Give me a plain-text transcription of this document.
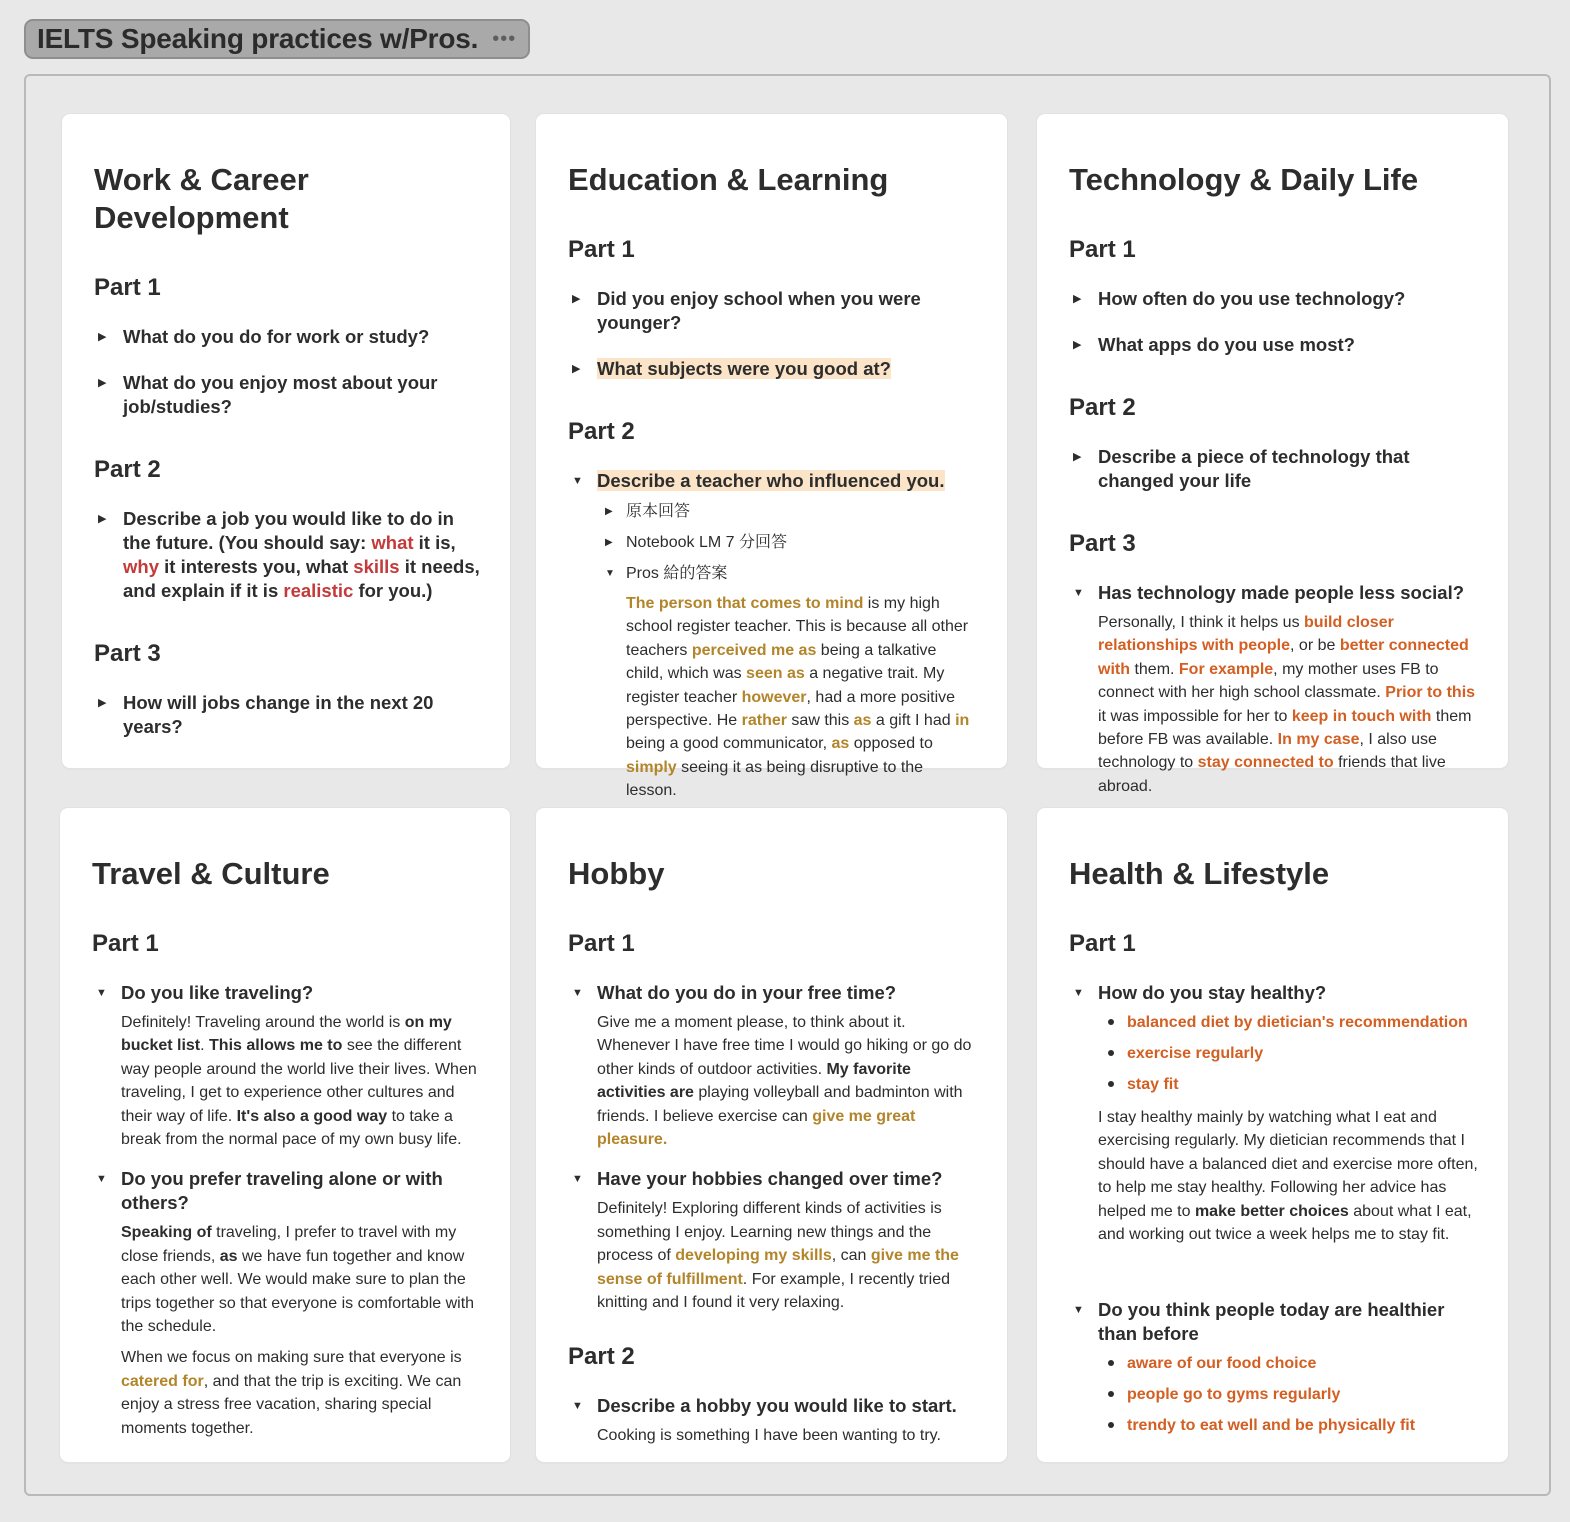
IELTS Speaking practices w/Pros. •••
Work & Career Development
Part 1
▶ What do you do for work or study?
▶ What do you enjoy most about your job/studies?
Part 2
▶ Describe a job you would like to do in the future. (You should say: what it is, why it interests you, what skills it needs, and explain if it is realistic for you.)
Part 3
▶ How will jobs change in the next 20 years?
Education & Learning
Part 1
▶ Did you enjoy school when you were younger?
▶ What subjects were you good at?
Part 2
▼ Describe a teacher who influenced you.
▶ 原本回答
▶ Notebook LM 7 分回答
▼ Pros 給的答案

The person that comes to mind is my high school register teacher. This is because all other teachers perceived me as being a talkative child, which was seen as a negative trait. My register teacher however, had a more positive perspective. He rather saw this as a gift I had in being a good communicator, as opposed to simply seeing it as being disruptive to the lesson.

Technology & Daily Life
Part 1
▶ How often do you use technology?
▶ What apps do you use most?
Part 2
▶ Describe a piece of technology that changed your life
Part 3
▼ Has technology made people less social?

Personally, I think it helps us build closer relationships with people, or be better connected with them. For example, my mother uses FB to connect with her high school classmate. Prior to this it was impossible for her to keep in touch with them before FB was available. In my case, I also use technology to stay connected to friends that live abroad.

Travel & Culture
Part 1
▼ Do you like traveling?

Definitely! Traveling around the world is on my bucket list. This allows me to see the different way people around the world live their lives. When traveling, I get to experience other cultures and their way of life. It's also a good way to take a break from the normal pace of my own busy life.

▼ Do you prefer traveling alone or with others?

Speaking of traveling, I prefer to travel with my close friends, as we have fun together and know each other well. We would make sure to plan the trips together so that everyone is comfortable with the schedule.

When we focus on making sure that everyone is catered for, and that the trip is exciting. We can enjoy a stress free vacation, sharing special moments together.

Hobby
Part 1
▼ What do you do in your free time?

Give me a moment please, to think about it. Whenever I have free time I would go hiking or go do other kinds of outdoor activities. My favorite activities are playing volleyball and badminton with friends. I believe exercise can give me great pleasure.

▼ Have your hobbies changed over time?

Definitely! Exploring different kinds of activities is something I enjoy. Learning new things and the process of developing my skills, can give me the sense of fulfillment. For example, I recently tried knitting and I found it very relaxing.

Part 2
▼ Describe a hobby you would like to start.

Cooking is something I have been wanting to try.

Health & Lifestyle
Part 1
▼ How do you stay healthy?
balanced diet by dietician's recommendation
exercise regularly
stay fit

I stay healthy mainly by watching what I eat and exercising regularly. My dietician recommends that I should have a balanced diet and exercise more often, to help me stay healthy. Following her advice has helped me to make better choices about what I eat, and working out twice a week helps me to stay fit.

▼ Do you think people today are healthier than before
aware of our food choice
people go to gyms regularly
trendy to eat well and be physically fit
